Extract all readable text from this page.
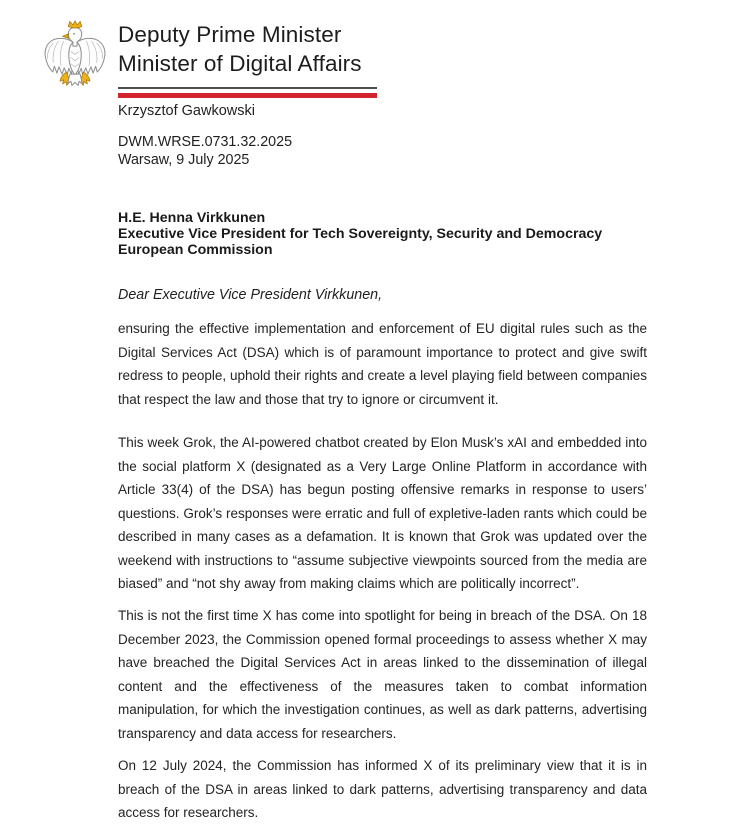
Deputy Prime Minister
Minister of Digital Affairs
Krzysztof Gawkowski
DWM.WRSE.0731.32.2025
Warsaw, 9 July 2025
H.E. Henna Virkkunen
Executive Vice President for Tech Sovereignty, Security and Democracy
European Commission
Dear Executive Vice President Virkkunen,

ensuring the effective implementation and enforcement of EU digital rules such as the Digital Services Act (DSA) which is of paramount importance to protect and give swift redress to people, uphold their rights and create a level playing field between companies that respect the law and those that try to ignore or circumvent it.

This week Grok, the AI-powered chatbot created by Elon Musk’s xAI and embedded into the social platform X (designated as a Very Large Online Platform in accordance with Article 33(4) of the DSA) has begun posting offensive remarks in response to users’ questions. Grok’s responses were erratic and full of expletive-laden rants which could be described in many cases as a defamation. It is known that Grok was updated over the weekend with instructions to “assume subjective viewpoints sourced from the media are biased” and “not shy away from making claims which are politically incorrect”.

This is not the first time X has come into spotlight for being in breach of the DSA. On 18 December 2023, the Commission opened formal proceedings to assess whether X may have breached the Digital Services Act in areas linked to the dissemination of illegal content and the effectiveness of the measures taken to combat information manipulation, for which the investigation continues, as well as dark patterns, advertising transparency and data access for researchers.

On 12 July 2024, the Commission has informed X of its preliminary view that it is in breach of the DSA in areas linked to dark patterns, advertising transparency and data access for researchers.
